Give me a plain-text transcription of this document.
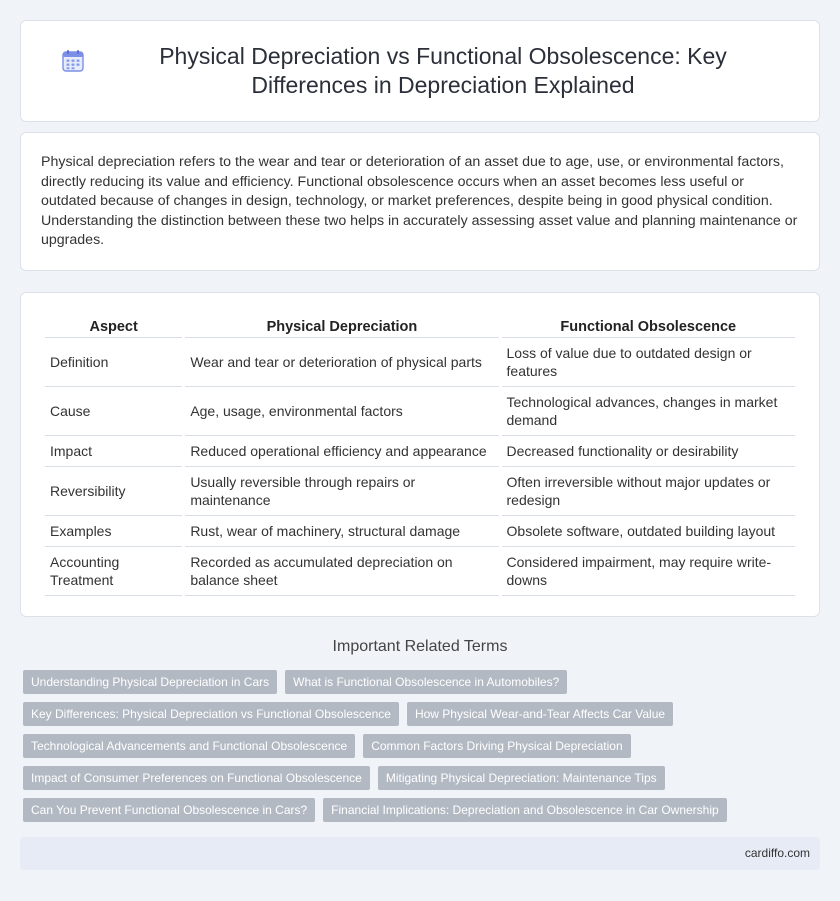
Physical Depreciation vs Functional Obsolescence: Key Differences in Depreciation Explained

Physical depreciation refers to the wear and tear or deterioration of an asset due to age, use, or environmental factors, directly reducing its value and efficiency. Functional obsolescence occurs when an asset becomes less useful or outdated because of changes in design, technology, or market preferences, despite being in good physical condition. Understanding the distinction between these two helps in accurately assessing asset value and planning maintenance or upgrades.

Aspect	Physical Depreciation	Functional Obsolescence
Definition	Wear and tear or deterioration of physical parts	Loss of value due to outdated design or features
Cause	Age, usage, environmental factors	Technological advances, changes in market demand
Impact	Reduced operational efficiency and appearance	Decreased functionality or desirability
Reversibility	Usually reversible through repairs or maintenance	Often irreversible without major updates or redesign
Examples	Rust, wear of machinery, structural damage	Obsolete software, outdated building layout
Accounting Treatment	Recorded as accumulated depreciation on balance sheet	Considered impairment, may require write-downs
Important Related Terms
Understanding Physical Depreciation in Cars	What is Functional Obsolescence in Automobiles?
Key Differences: Physical Depreciation vs Functional Obsolescence	How Physical Wear-and-Tear Affects Car Value
Technological Advancements and Functional Obsolescence	Common Factors Driving Physical Depreciation
Impact of Consumer Preferences on Functional Obsolescence	Mitigating Physical Depreciation: Maintenance Tips
Can You Prevent Functional Obsolescence in Cars?	Financial Implications: Depreciation and Obsolescence in Car Ownership
cardiffo.com
